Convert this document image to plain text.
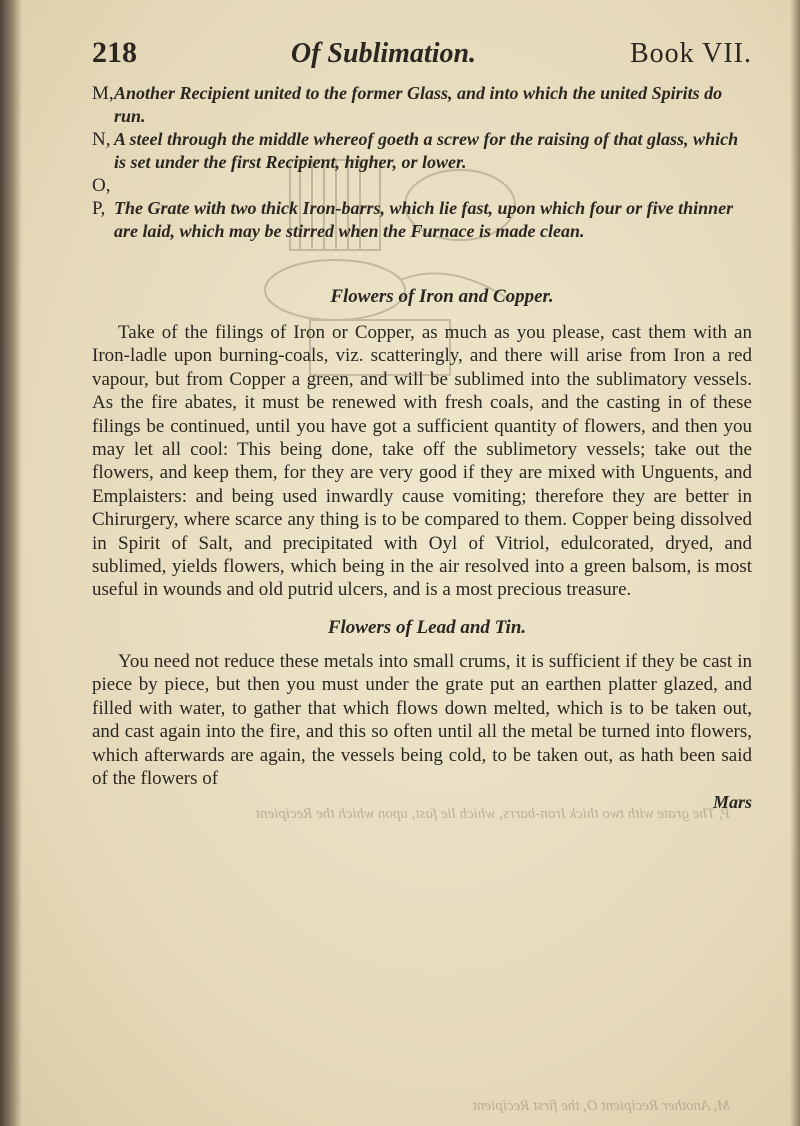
P, The grate with two thick Iron-barrs, which lie fast, upon which the Recipient
M, Another Recipient O, the first Recipient
218	Of Sublimation.	Book VII.
M, Another Recipient united to the former Glass, and into which the united Spirits do run.
N, A steel through the middle whereof goeth a screw for the raising of that glass, which is set under the first Recipient, higher, or lower.
O,
P, The Grate with two thick Iron-barrs, which lie fast, upon which four or five thinner are laid, which may be stirred when the Furnace is made clean.
Flowers of Iron and Copper.

Take of the filings of Iron or Copper, as much as you please, cast them with an Iron-ladle upon burning-coals, viz. scatteringly, and there will arise from Iron a red vapour, but from Copper a green, and will be sublimed into the sublimatory vessels. As the fire abates, it must be renewed with fresh coals, and the casting in of these filings be continued, until you have got a sufficient quantity of flowers, and then you may let all cool: This being done, take off the sublimetory vessels; take out the flowers, and keep them, for they are very good if they are mixed with Unguents, and Emplaisters: and being used inwardly cause vomiting; therefore they are better in Chirurgery, where scarce any thing is to be compared to them. Copper being dissolved in Spirit of Salt, and precipitated with Oyl of Vitriol, edulcorated, dryed, and sublimed, yields flowers, which being in the air resolved into a green balsom, is most useful in wounds and old putrid ulcers, and is a most precious treasure.

Flowers of Lead and Tin.

You need not reduce these metals into small crums, it is sufficient if they be cast in piece by piece, but then you must under the grate put an earthen platter glazed, and filled with water, to gather that which flows down melted, which is to be taken out, and cast again into the fire, and this so often until all the metal be turned into flowers, which afterwards are again, the vessels being cold, to be taken out, as hath been said of the flowers of

Mars
